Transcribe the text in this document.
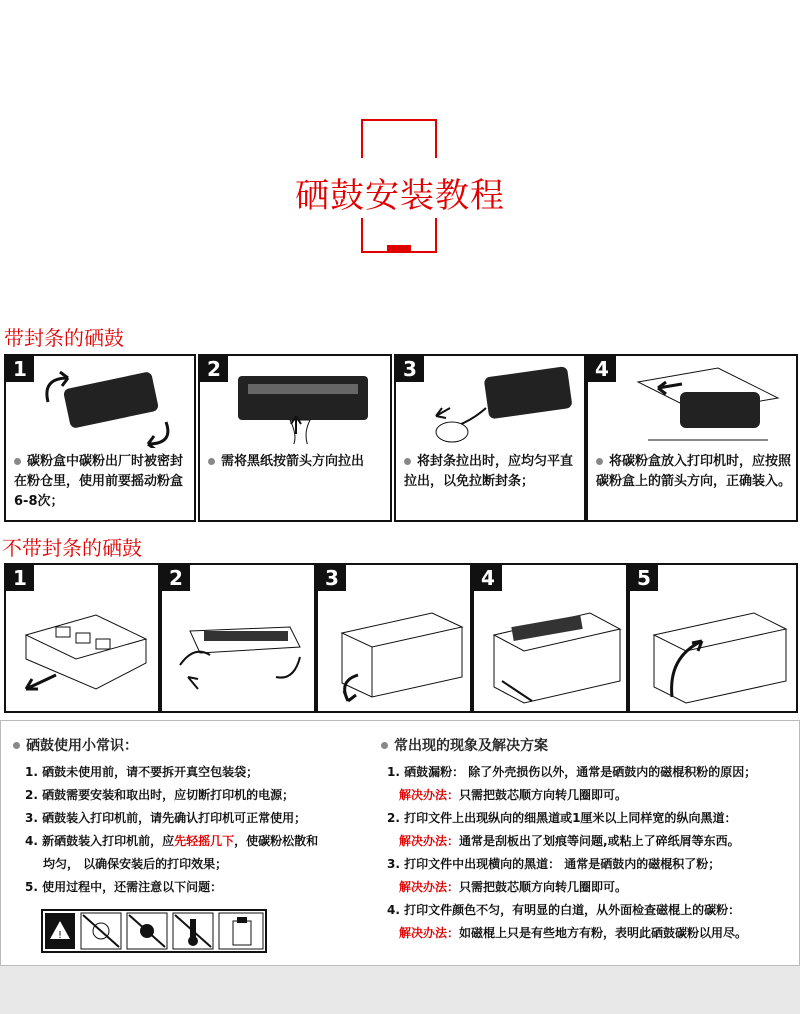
硒鼓安装教程
带封条的硒鼓
1
碳粉盒中碳粉出厂时被密封在粉仓里，使用前要摇动粉盒6-8次；
2
需将黑纸按箭头方向拉出
3
将封条拉出时，应均匀平直拉出，以免拉断封条；
4
将碳粉盒放入打印机时，应按照碳粉盒上的箭头方向，正确装入。
不带封条的硒鼓
1	2	3	4	5
硒鼓使用小常识：
1. 硒鼓未使用前，请不要拆开真空包装袋；
2. 硒鼓需要安装和取出时，应切断打印机的电源；
3. 硒鼓装入打印机前，请先确认打印机可正常使用；
4. 新硒鼓装入打印机前，应先轻摇几下，使碳粉松散和
均匀， 以确保安装后的打印效果；
5. 使用过程中，还需注意以下问题：
!
常出现的现象及解决方案
1. 硒鼓漏粉： 除了外壳损伤以外，通常是硒鼓内的磁棍积粉的原因；
解决办法：只需把鼓芯顺方向转几圈即可。
2. 打印文件上出现纵向的细黑道或1厘米以上同样宽的纵向黑道：
解决办法：通常是刮板出了划痕等问题,或粘上了碎纸屑等东西。
3. 打印文件中出现横向的黑道： 通常是硒鼓内的磁棍积了粉；
解决办法：只需把鼓芯顺方向转几圈即可。
4. 打印文件颜色不匀，有明显的白道，从外面检查磁棍上的碳粉：
解决办法：如磁棍上只是有些地方有粉，表明此硒鼓碳粉以用尽。
